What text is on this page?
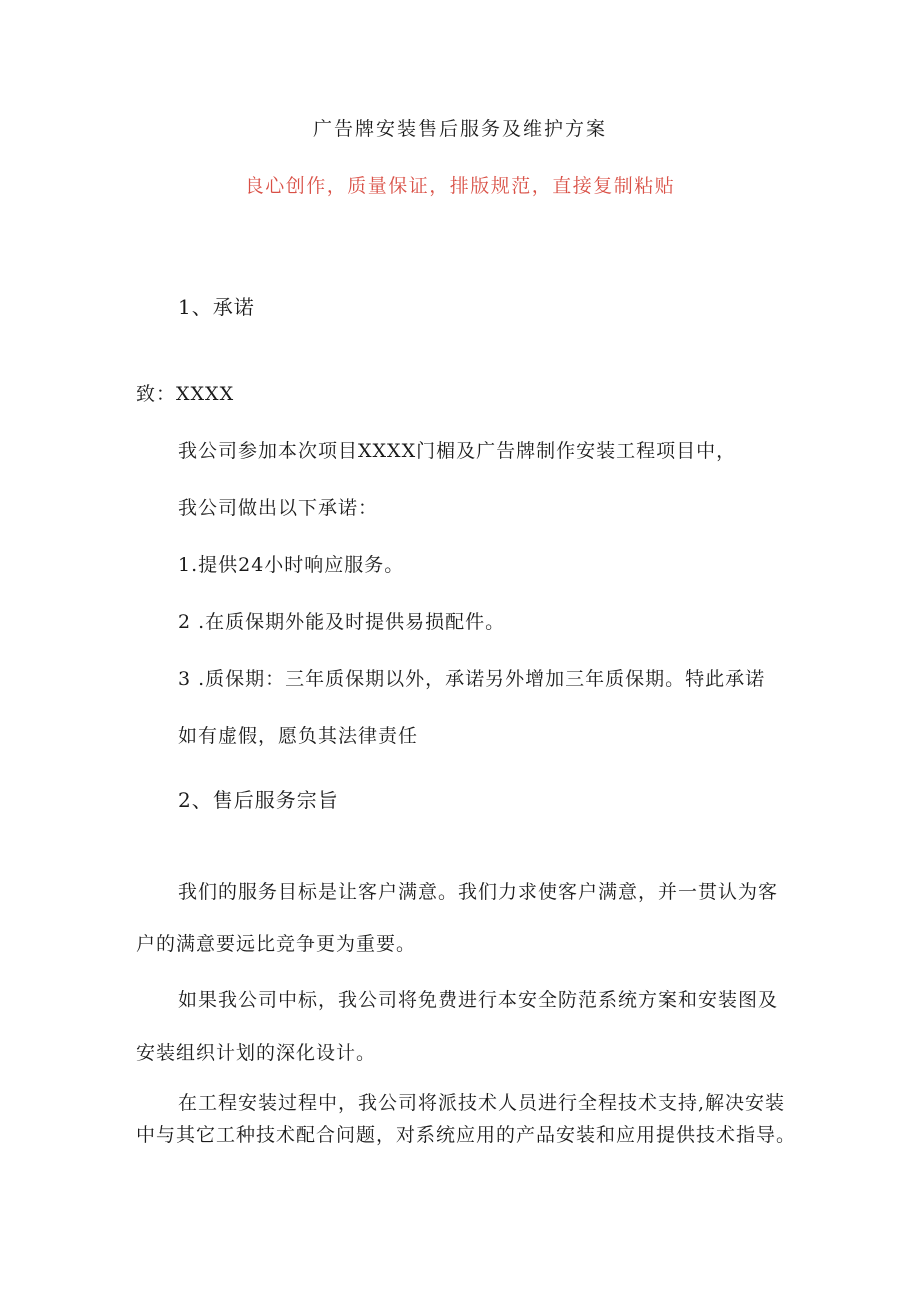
广告牌安装售后服务及维护方案
良心创作，质量保证，排版规范，直接复制粘贴
1、承诺
致：XXXX
我公司参加本次项目XXXX门楣及广告牌制作安装工程项目中，
我公司做出以下承诺：
1.提供24小时响应服务。
2 .在质保期外能及时提供易损配件。
3 .质保期：三年质保期以外，承诺另外增加三年质保期。特此承诺
如有虚假，愿负其法律责任
2、售后服务宗旨
我们的服务目标是让客户满意。我们力求使客户满意，并一贯认为客
户的满意要远比竞争更为重要。
如果我公司中标，我公司将免费进行本安全防范系统方案和安装图及
安装组织计划的深化设计。
在工程安装过程中，我公司将派技术人员进行全程技术支持,解决安装
中与其它工种技术配合问题，对系统应用的产品安装和应用提供技术指导。
